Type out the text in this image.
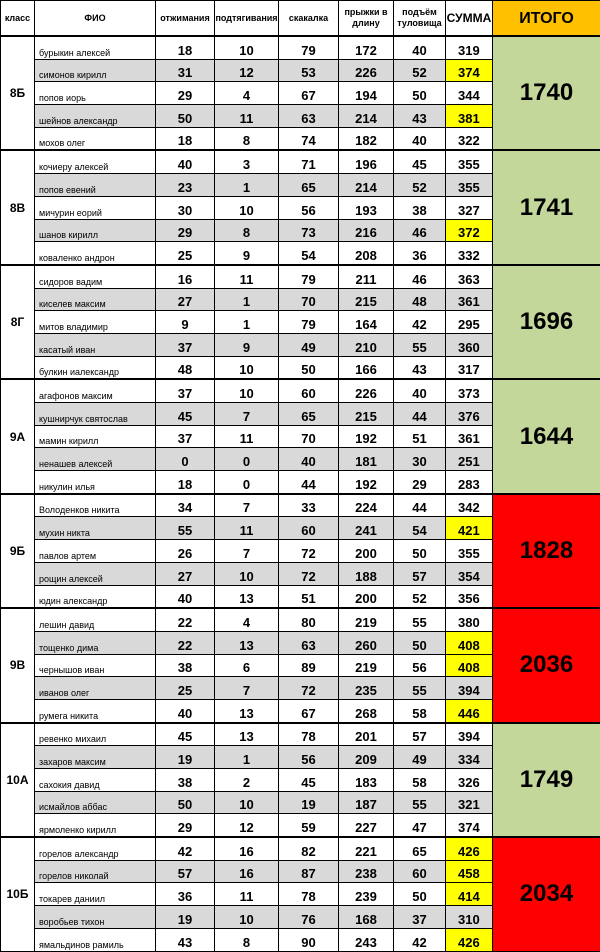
класс	ФИО	отжимания	подтягивания	скакалка	прыжки в длину	подъём туловища	СУММА	ИТОГО
8Б	бурыкин алексей	18	10	79	172	40	319	1740
	симонов кирилл	31	12	53	226	52	374	
	попов иорь	29	4	67	194	50	344	
	шейнов александр	50	11	63	214	43	381	
	мохов олег	18	8	74	182	40	322	
8В	кочиеру алексей	40	3	71	196	45	355	1741
	попов евений	23	1	65	214	52	355	
	мичурин еорий	30	10	56	193	38	327	
	шанов кирилл	29	8	73	216	46	372	
	коваленко андрон	25	9	54	208	36	332	
8Г	сидоров вадим	16	11	79	211	46	363	1696
	киселев максим	27	1	70	215	48	361	
	митов владимир	9	1	79	164	42	295	
	касатый иван	37	9	49	210	55	360	
	булкин иалександр	48	10	50	166	43	317	
9А	агафонов максим	37	10	60	226	40	373	1644
	кушнирчук святослав	45	7	65	215	44	376	
	мамин кирилл	37	11	70	192	51	361	
	ненашев алексей	0	0	40	181	30	251	
	никулин илья	18	0	44	192	29	283	
9Б	Володенков никита	34	7	33	224	44	342	1828
	мухин никта	55	11	60	241	54	421	
	павлов артем	26	7	72	200	50	355	
	рощин алексей	27	10	72	188	57	354	
	юдин александр	40	13	51	200	52	356	
9В	лешин давид	22	4	80	219	55	380	2036
	тощенко дима	22	13	63	260	50	408	
	чернышов иван	38	6	89	219	56	408	
	иванов олег	25	7	72	235	55	394	
	румега никита	40	13	67	268	58	446	
10А	ревенко михаил	45	13	78	201	57	394	1749
	захаров максим	19	1	56	209	49	334	
	сахокия давид	38	2	45	183	58	326	
	исмайлов аббас	50	10	19	187	55	321	
	ярмоленко кирилл	29	12	59	227	47	374	
10Б	горелов александр	42	16	82	221	65	426	2034
	горелов николай	57	16	87	238	60	458	
	токарев даниил	36	11	78	239	50	414	
	воробьев тихон	19	10	76	168	37	310	
	ямальдинов рамиль	43	8	90	243	42	426	
